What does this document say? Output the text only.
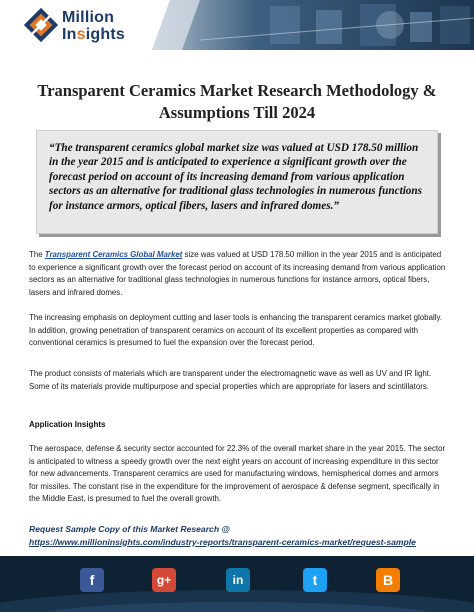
Million
Insights
Transparent Ceramics Market Research Methodology &
Assumptions Till 2024
“The transparent ceramics global market size was valued at USD 178.50 million in the year 2015 and is anticipated to experience a significant growth over the forecast period on account of its increasing demand from various application sectors as an alternative for traditional glass technologies in numerous functions for instance armors, optical fibers, lasers and infrared domes.”
The Transparent Ceramics Global Market size was valued at USD 178.50 million in the year 2015 and is anticipated to experience a significant growth over the forecast period on account of its increasing demand from various application sectors as an alternative for traditional glass technologies in numerous functions for instance armors, optical fibers, lasers and infrared domes.
The increasing emphasis on deployment cutting and laser tools is enhancing the transparent ceramics market globally. In addition, growing penetration of transparent ceramics on account of its excellent properties as compared with conventional ceramics is presumed to fuel the expansion over the forecast period.
The product consists of materials which are transparent under the electromagnetic wave as well as UV and IR light. Some of its materials provide multipurpose and special properties which are appropriate for lasers and scintillators.
Application Insights
The aerospace, defense & security sector accounted for 22.3% of the overall market share in the year 2015. The sector is anticipated to witness a speedy growth over the next eight years on account of increasing expenditure in this sector for new advancements. Transparent ceramics are used for manufacturing windows, hemispherical domes and armors for missiles. The constant rise in the expenditure for the improvement of aerospace & defense segment, specifically in the Middle East, is presumed to fuel the overall growth.
Request Sample Copy of this Market Research @
https://www.millioninsights.com/industry-reports/transparent-ceramics-market/request-sample
f	g+	in	t	B
